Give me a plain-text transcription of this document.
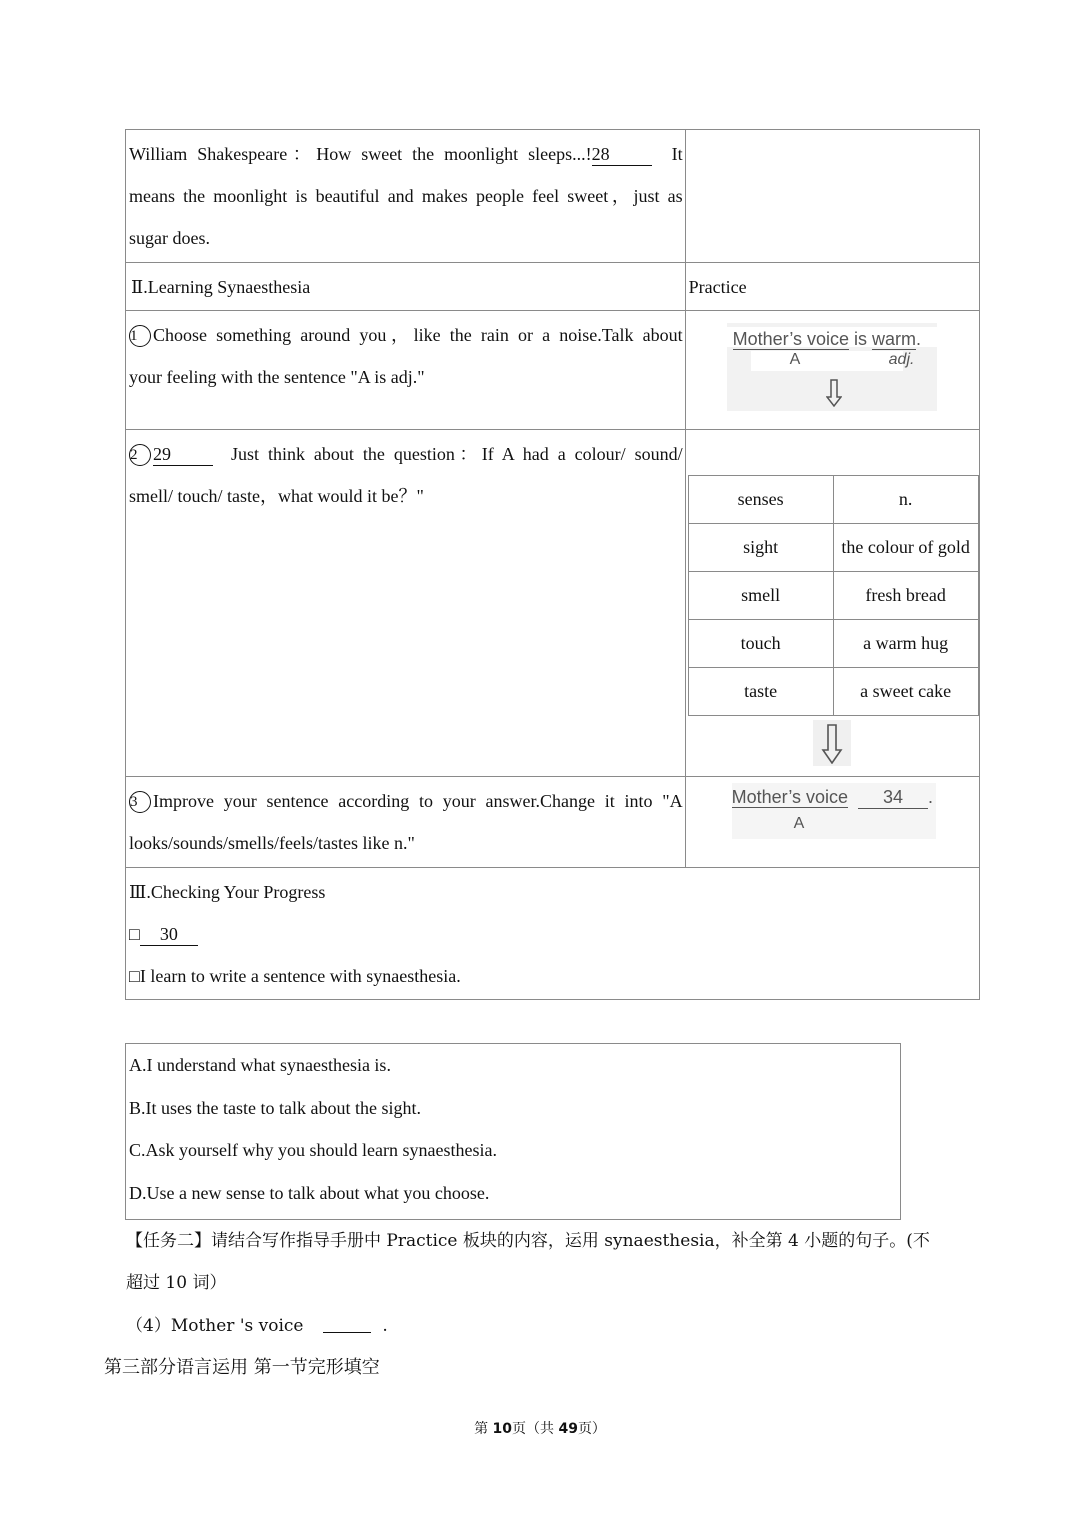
William Shakespeare：How sweet the moonlight sleeps...!28	It
means the moonlight is beautiful and makes people feel sweet，just as
sugar does.

Ⅱ.Learning Synaesthesia	Practice

1 Choose something around you，like the rain or a noise.Talk about
your feeling with the sentence "A is adj."

Mother’s voice is warm.
A	adj.

2 29	Just think about the question：If A had a colour/ sound/
smell/ touch/ taste，what would it be？"
		senses	n.
sight	the colour of gold
smell	fresh bread
touch	a warm hug
taste	a sweet cake

3 Improve your sentence according to your answer.Change it into "A
looks/sounds/smells/feels/tastes like n."

Mother’s voice 34 .
A

Ⅲ.Checking Your Progress
□ 30
□I learn to write a sentence with synaesthesia.
A.I understand what synaesthesia is.
B.It uses the taste to talk about the sight.
C.Ask yourself why you should learn synaesthesia.
D.Use a new sense to talk about what you choose.
【任务二】请结合写作指导手册中 Practice 板块的内容，运用 synaesthesia，补全第 4 小题的句子。(不
超过 10 词）
（4）Mother 's voice	.
第三部分语言运用 第一节完形填空
第 10页（共 49页）
